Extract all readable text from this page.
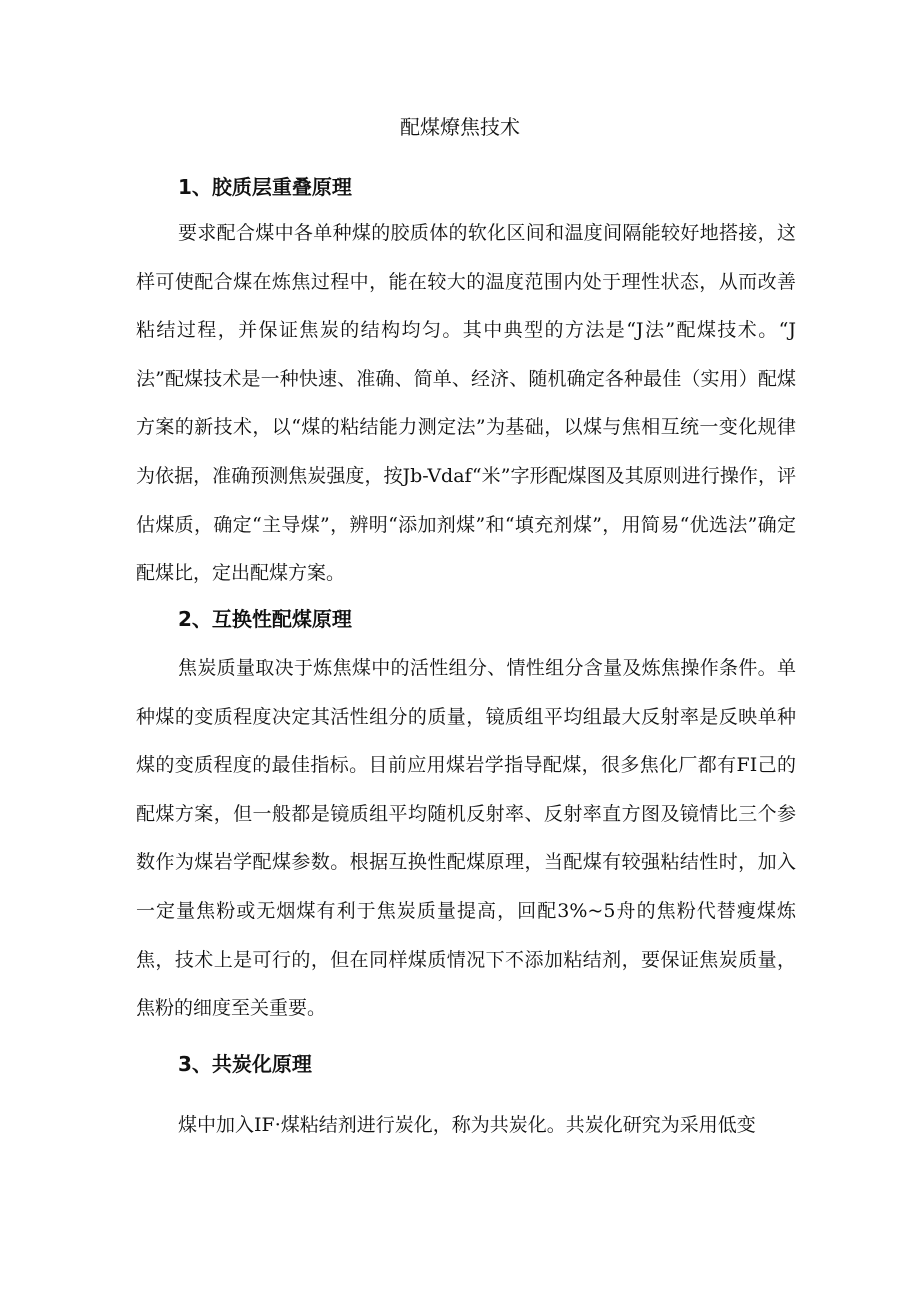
配煤燎焦技术
1、胶质层重叠原理

要求配合煤中各单种煤的胶质体的软化区间和温度间隔能较好地搭接，这样可使配合煤在炼焦过程中，能在较大的温度范围内处于理性状态，从而改善粘结过程，并保证焦炭的结构均匀。其中典型的方法是“J法”配煤技术。“J法”配煤技术是一种快速、准确、简单、经济、随机确定各种最佳（实用）配煤方案的新技术，以“煤的粘结能力测定法”为基础，以煤与焦相互统一变化规律为依据，准确预测焦炭强度，按Jb-Vdaf“米”字形配煤图及其原则进行操作，评估煤质，确定“主导煤”，辨明“添加剂煤”和“填充剂煤”，用简易“优选法”确定配煤比，定出配煤方案。

2、互换性配煤原理

焦炭质量取决于炼焦煤中的活性组分、情性组分含量及炼焦操作条件。单种煤的变质程度决定其活性组分的质量，镜质组平均组最大反射率是反映单种煤的变质程度的最佳指标。目前应用煤岩学指导配煤，很多焦化厂都有FI己的配煤方案，但一般都是镜质组平均随机反射率、反射率直方图及镜情比三个参数作为煤岩学配煤参数。根据互换性配煤原理，当配煤有较强粘结性时，加入一定量焦粉或无烟煤有利于焦炭质量提高，回配3%~5舟的焦粉代替瘦煤炼焦，技术上是可行的，但在同样煤质情况下不添加粘结剂，要保证焦炭质量，焦粉的细度至关重要。

3、共炭化原理

煤中加入IF·煤粘结剂进行炭化，称为共炭化。共炭化研究为采用低变
